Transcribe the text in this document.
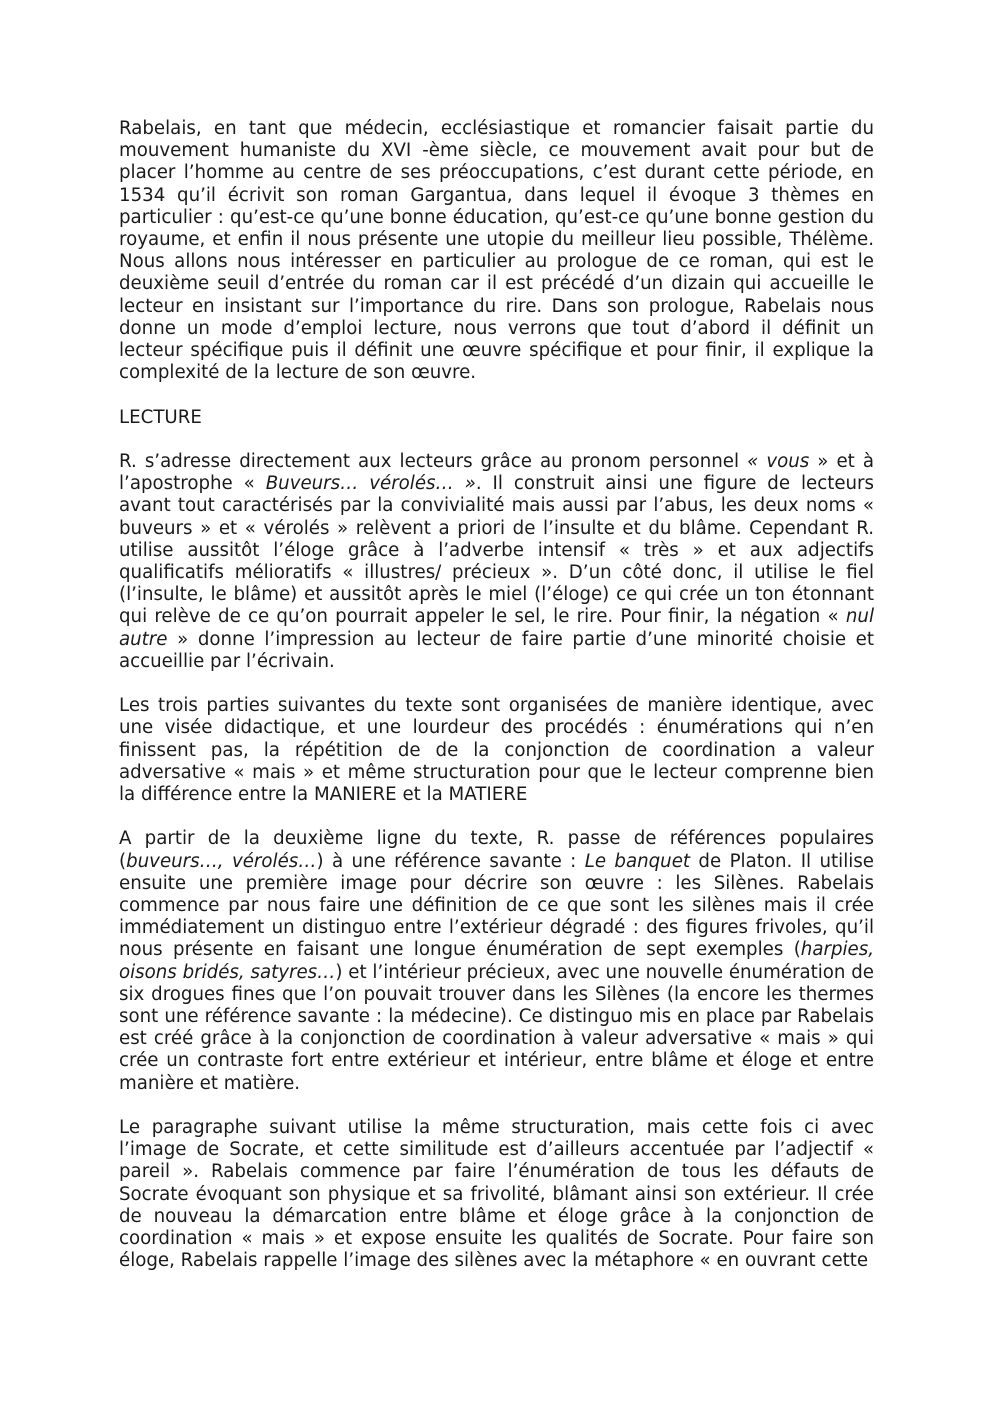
Rabelais, en tant que médecin, ecclésiastique et romancier faisait partie du mouvement humaniste du XVI -ème siècle, ce mouvement avait pour but de placer l’homme au centre de ses préoccupations, c’est durant cette période, en 1534 qu’il écrivit son roman Gargantua, dans lequel il évoque 3 thèmes en particulier : qu’est-ce qu’une bonne éducation, qu’est-ce qu’une bonne gestion du royaume, et enfin il nous présente une utopie du meilleur lieu possible, Thélème. Nous allons nous intéresser en particulier au prologue de ce roman, qui est le deuxième seuil d’entrée du roman car il est précédé d’un dizain qui accueille le lecteur en insistant sur l’importance du rire. Dans son prologue, Rabelais nous donne un mode d’emploi lecture, nous verrons que tout d’abord il définit un lecteur spécifique puis il définit une œuvre spécifique et pour finir, il explique la complexité de la lecture de son œuvre.

LECTURE

R. s’adresse directement aux lecteurs grâce au pronom personnel « vous » et à l’apostrophe « Buveurs… vérolés… ». Il construit ainsi une figure de lecteurs avant tout caractérisés par la convivialité mais aussi par l’abus, les deux noms « buveurs » et « vérolés » relèvent a priori de l’insulte et du blâme. Cependant R. utilise aussitôt l’éloge grâce à l’adverbe intensif « très » et aux adjectifs qualificatifs mélioratifs « illustres/ précieux ». D’un côté donc, il utilise le fiel (l’insulte, le blâme) et aussitôt après le miel (l’éloge) ce qui crée un ton étonnant qui relève de ce qu’on pourrait appeler le sel, le rire. Pour finir, la négation « nul autre » donne l’impression au lecteur de faire partie d’une minorité choisie et accueillie par l’écrivain.

Les trois parties suivantes du texte sont organisées de manière identique, avec une visée didactique, et une lourdeur des procédés : énumérations qui n’en finissent pas, la répétition de de la conjonction de coordination a valeur adversative « mais » et même structuration pour que le lecteur comprenne bien la différence entre la MANIERE et la MATIERE

A partir de la deuxième ligne du texte, R. passe de références populaires (buveurs…, vérolés…) à une référence savante : Le banquet de Platon. Il utilise ensuite une première image pour décrire son œuvre : les Silènes. Rabelais commence par nous faire une définition de ce que sont les silènes mais il crée immédiatement un distinguo entre l’extérieur dégradé : des figures frivoles, qu’il nous présente en faisant une longue énumération de sept exemples (harpies, oisons bridés, satyres…) et l’intérieur précieux, avec une nouvelle énumération de six drogues fines que l’on pouvait trouver dans les Silènes (la encore les thermes sont une référence savante : la médecine). Ce distinguo mis en place par Rabelais est créé grâce à la conjonction de coordination à valeur adversative « mais » qui crée un contraste fort entre extérieur et intérieur, entre blâme et éloge et entre manière et matière.

Le paragraphe suivant utilise la même structuration, mais cette fois ci avec l’image de Socrate, et cette similitude est d’ailleurs accentuée par l’adjectif « pareil ». Rabelais commence par faire l’énumération de tous les défauts de Socrate évoquant son physique et sa frivolité, blâmant ainsi son extérieur. Il crée de nouveau la démarcation entre blâme et éloge grâce à la conjonction de coordination « mais » et expose ensuite les qualités de Socrate. Pour faire son éloge, Rabelais rappelle l’image des silènes avec la métaphore « en ouvrant cette
